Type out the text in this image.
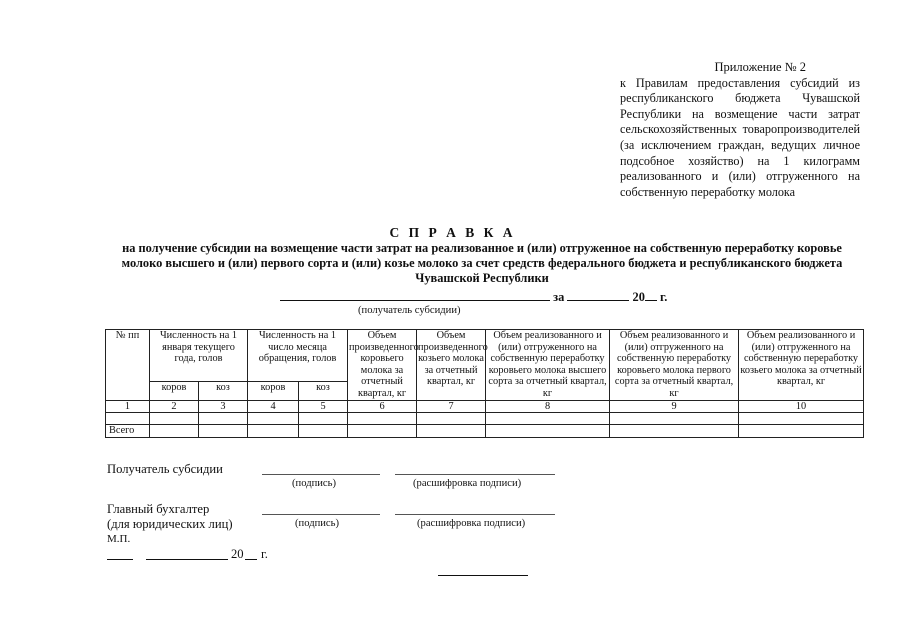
Приложение № 2
к Правилам предоставления субсидий из республиканского бюджета Чувашской Республики на возмещение части затрат сельскохозяйственных товаропроизводителей (за исключением граждан, ведущих личное подсобное хозяйство) на 1 килограмм реализованного и (или) отгруженного на собственную переработку молока
С П Р А В К А
на получение субсидии на возмещение части затрат на реализованное и (или) отгруженное на собственную переработку коровье молоко высшего и (или) первого сорта и (или) козье молоко за счет средств федерального бюджета и республиканского бюджета Чувашской Республики
за	20 г.
(получатель субсидии)
№ пп	Численность на 1 января текущего года, голов		Численность на 1 число месяца обращения, голов		Объем произведенного коровьего молока за отчетный квартал, кг	Объем произведенного козьего молока за отчетный квартал, кг	Объем реализованного и (или) отгруженного на собственную переработку коровьего молока высшего сорта за отчетный квартал, кг	Объем реализованного и (или) отгруженного на собственную переработку коровьего молока первого сорта за отчетный квартал, кг	Объем реализованного и (или) отгруженного на собственную переработку козьего молока за отчетный квартал, кг
	коров	коз	коров	коз					
1	2	3	4	5	6	7	8	9	10

Всего									
Получатель субсидии
(подпись)	(расшифровка подписи)
Главный бухгалтер
(для юридических лиц)	(подпись)	(расшифровка подписи)
М.П.
20 г.
